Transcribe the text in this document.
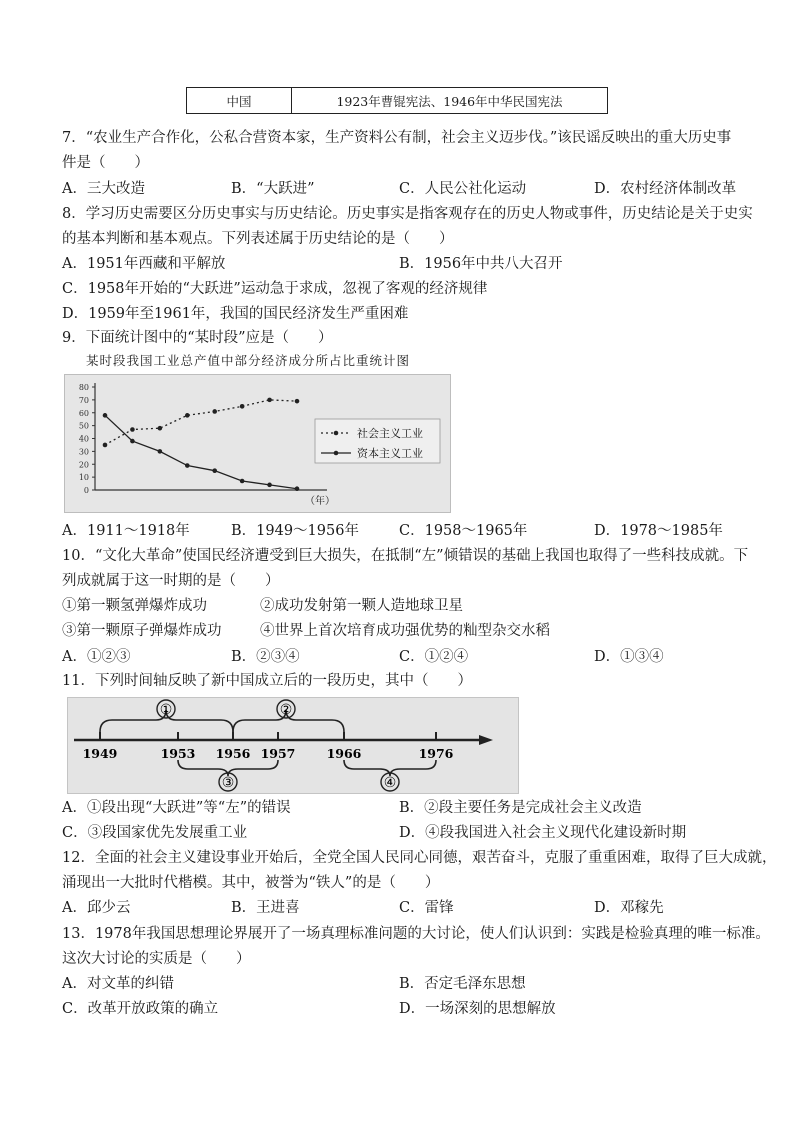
中国	1923年曹锟宪法、1946年中华民国宪法
7．“农业生产合作化，公私合营资本家，生产资料公有制，社会主义迈步伐。”该民谣反映出的重大历史事
件是（　　）
A．三大改造	B．“大跃进”	C．人民公社化运动	D．农村经济体制改革
8．学习历史需要区分历史事实与历史结论。历史事实是指客观存在的历史人物或事件，历史结论是关于史实
的基本判断和基本观点。下列表述属于历史结论的是（　　）
A．1951年西藏和平解放	B．1956年中共八大召开
C．1958年开始的“大跃进”运动急于求成，忽视了客观的经济规律
D．1959年至1961年，我国的国民经济发生严重困难
9．下面统计图中的“某时段”应是（　　）
某时段我国工业总产值中部分经济成分所占比重统计图
0
10
20
30
40
50
60
70
80
（年）
社会主义工业
资本主义工业
A．1911～1918年	B．1949～1956年	C．1958～1965年	D．1978～1985年
10．“文化大革命”使国民经济遭受到巨大损失，在抵制“左”倾错误的基础上我国也取得了一些科技成就。下
列成就属于这一时期的是（　　）
①第一颗氢弹爆炸成功	②成功发射第一颗人造地球卫星
③第一颗原子弹爆炸成功	④世界上首次培育成功强优势的籼型杂交水稻
A．①②③	B．②③④	C．①②④	D．①③④
11．下列时间轴反映了新中国成立后的一段历史，其中（　　）
1949	1953 1956 1957 1966	1976
①	②
③	④
A．①段出现“大跃进”等“左”的错误	B．②段主要任务是完成社会主义改造
C．③段国家优先发展重工业	D．④段我国进入社会主义现代化建设新时期
12．全面的社会主义建设事业开始后，全党全国人民同心同德，艰苦奋斗，克服了重重困难，取得了巨大成就，
涌现出一大批时代楷模。其中，被誉为“铁人”的是（　　）
A．邱少云	B．王进喜	C．雷锋	D．邓稼先
13．1978年我国思想理论界展开了一场真理标准问题的大讨论，使人们认识到：实践是检验真理的唯一标准。
这次大讨论的实质是（　　）
A．对文革的纠错	B．否定毛泽东思想
C．改革开放政策的确立	D．一场深刻的思想解放
